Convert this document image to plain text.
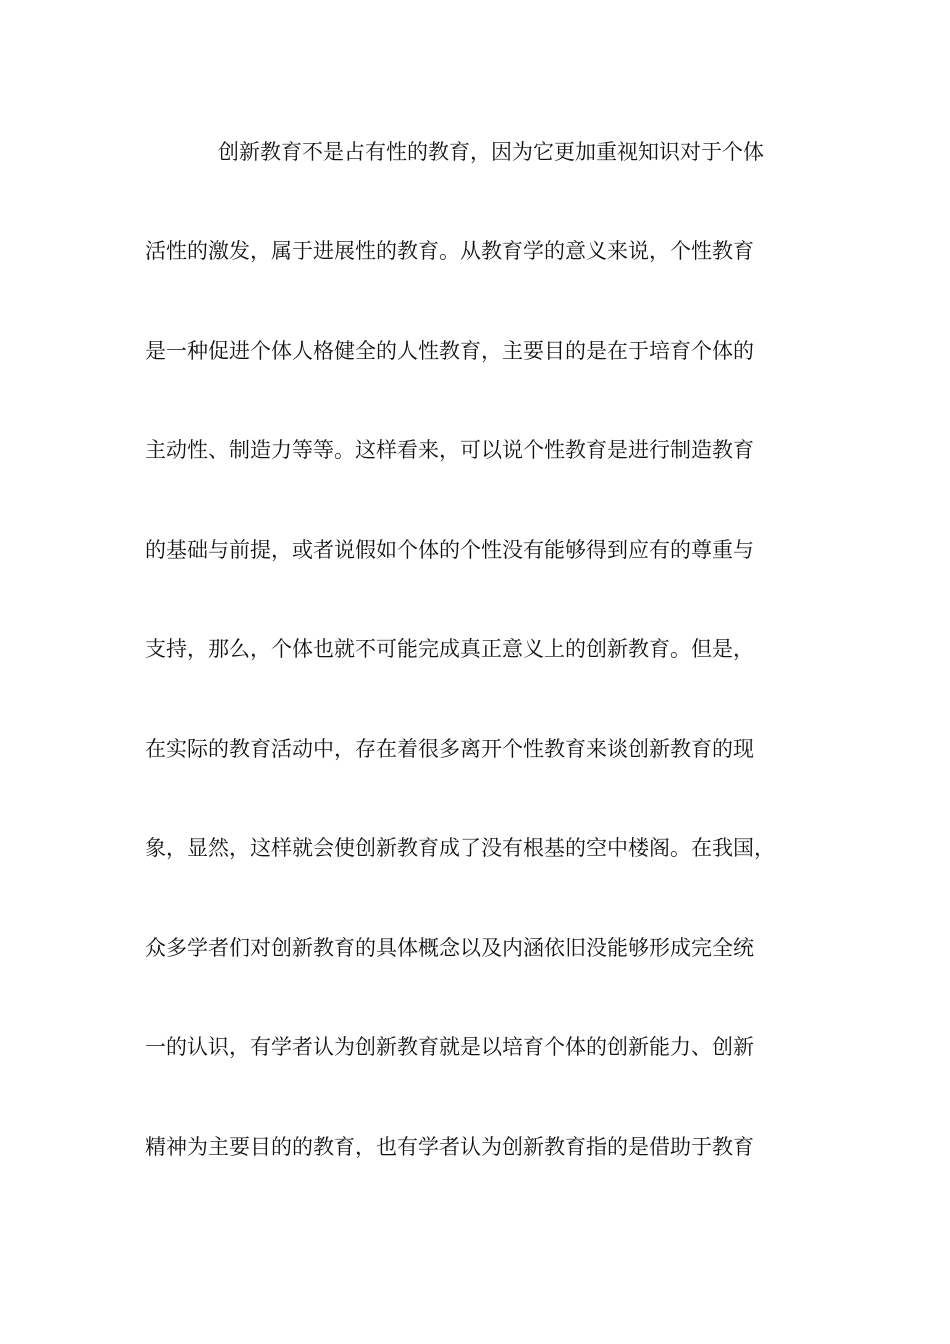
创新教育不是占有性的教育，因为它更加重视知识对于个体
活性的激发，属于进展性的教育。从教育学的意义来说，个性教育
是一种促进个体人格健全的人性教育，主要目的是在于培育个体的
主动性、制造力等等。这样看来，可以说个性教育是进行制造教育
的基础与前提，或者说假如个体的个性没有能够得到应有的尊重与
支持，那么，个体也就不可能完成真正意义上的创新教育。但是，
在实际的教育活动中，存在着很多离开个性教育来谈创新教育的现
象，显然，这样就会使创新教育成了没有根基的空中楼阁。在我国，
众多学者们对创新教育的具体概念以及内涵依旧没能够形成完全统
一的认识，有学者认为创新教育就是以培育个体的创新能力、创新
精神为主要目的的教育，也有学者认为创新教育指的是借助于教育
